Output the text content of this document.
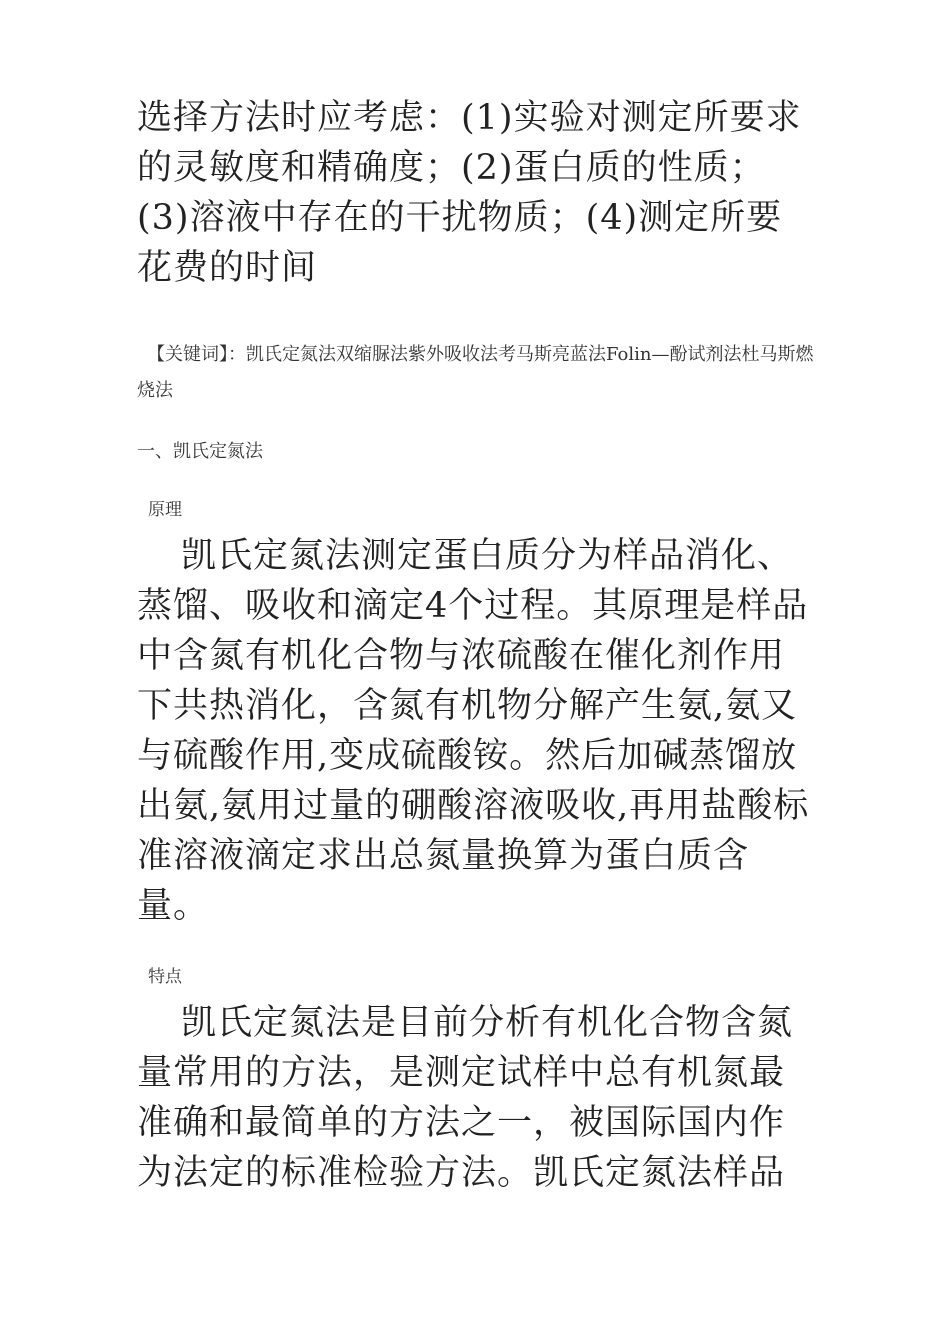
选择方法时应考虑：(1)实验对测定所要求的灵敏度和精确度；(2)蛋白质的性质；(3)溶液中存在的干扰物质；(4)测定所要花费的时间

【关键词】：凯氏定氮法双缩脲法紫外吸收法考马斯亮蓝法Folin—酚试剂法杜马斯燃烧法

一、凯氏定氮法

原理

凯氏定氮法测定蛋白质分为样品消化、蒸馏、吸收和滴定4个过程。其原理是样品中含氮有机化合物与浓硫酸在催化剂作用下共热消化，含氮有机物分解产生氨,氨又与硫酸作用,变成硫酸铵。然后加碱蒸馏放出氨,氨用过量的硼酸溶液吸收,再用盐酸标准溶液滴定求出总氮量换算为蛋白质含量。

特点

凯氏定氮法是目前分析有机化合物含氮量常用的方法，是测定试样中总有机氮最准确和最简单的方法之一，被国际国内作为法定的标准检验方法。凯氏定氮法样品
